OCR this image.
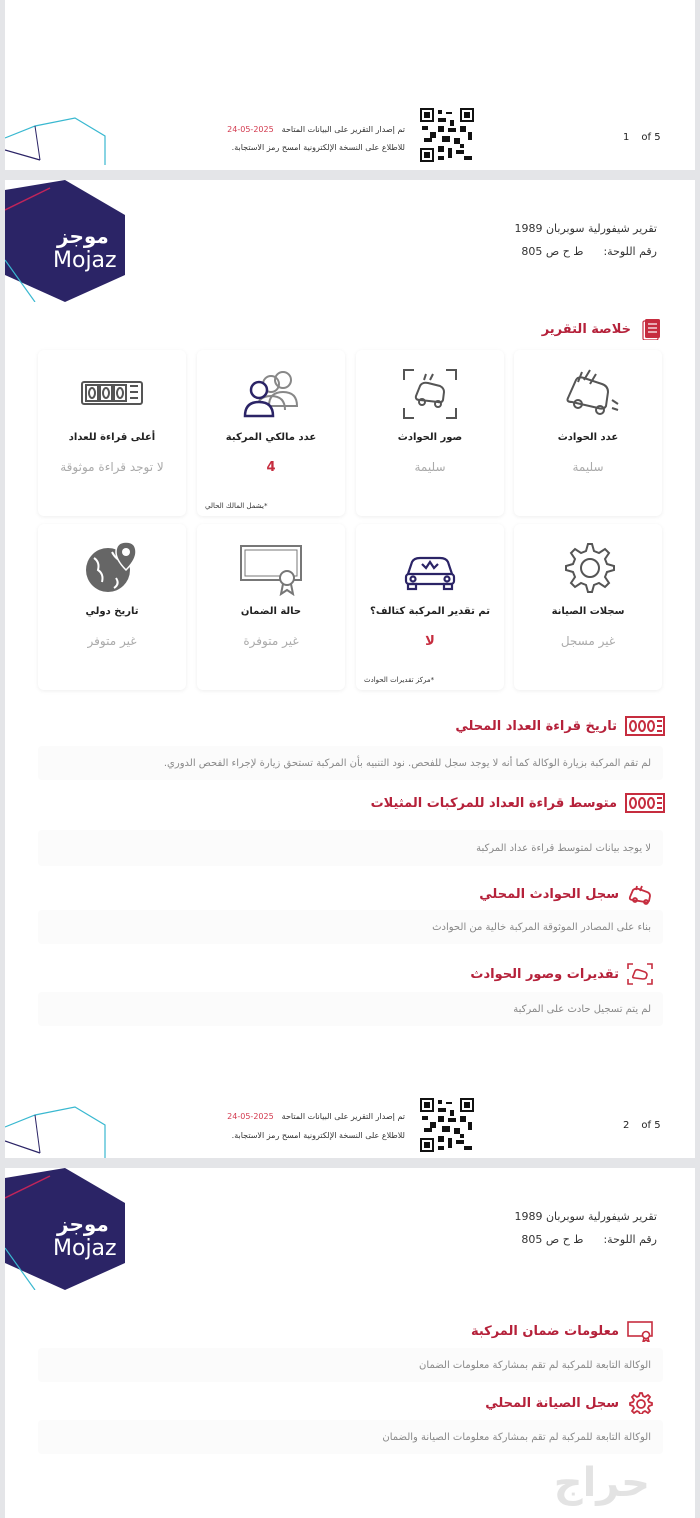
تم إصدار التقرير على البيانات المتاحة2025-05-24
للاطلاع على النسخة الإلكترونية امسح رمز الاستجابة.
1 of 5
موجز
Mojaz
تقرير شيفورلية سوبربان 1989
رقم اللوحة:ط ح ص 805
خلاصة التقرير
عدد الحوادث
سليمة
صور الحوادث
سليمة
عدد مالكي المركبة
4
*يشمل المالك الحالي
أعلى قراءة للعداد
لا توجد قراءة موثوقة
سجلات الصيانة
غير مسجل
تم تقدير المركبة كتالف؟
لا
*مركز تقديرات الحوادث
حالة الضمان
غير متوفرة
تاريخ دولي
غير متوفر
تاريخ قراءة العداد المحلي
لم تقم المركبة بزيارة الوكالة كما أنه لا يوجد سجل للفحص. نود التنبيه بأن المركبة تستحق زيارة لإجراء الفحص الدوري.
متوسط قراءة العداد للمركبات المثيلات
لا يوجد بيانات لمتوسط قراءة عداد المركبة
سجل الحوادث المحلي
بناء على المصادر الموثوقة المركبة خالية من الحوادث
تقديرات وصور الحوادث
لم يتم تسجيل حادث على المركبة
تم إصدار التقرير على البيانات المتاحة2025-05-24
للاطلاع على النسخة الإلكترونية امسح رمز الاستجابة.
2 of 5
موجز
Mojaz
تقرير شيفورلية سوبربان 1989
رقم اللوحة:ط ح ص 805
معلومات ضمان المركبة
الوكالة التابعة للمركبة لم تقم بمشاركة معلومات الضمان
سجل الصيانة المحلي
الوكالة التابعة للمركبة لم تقم بمشاركة معلومات الصيانة والضمان
حراج
